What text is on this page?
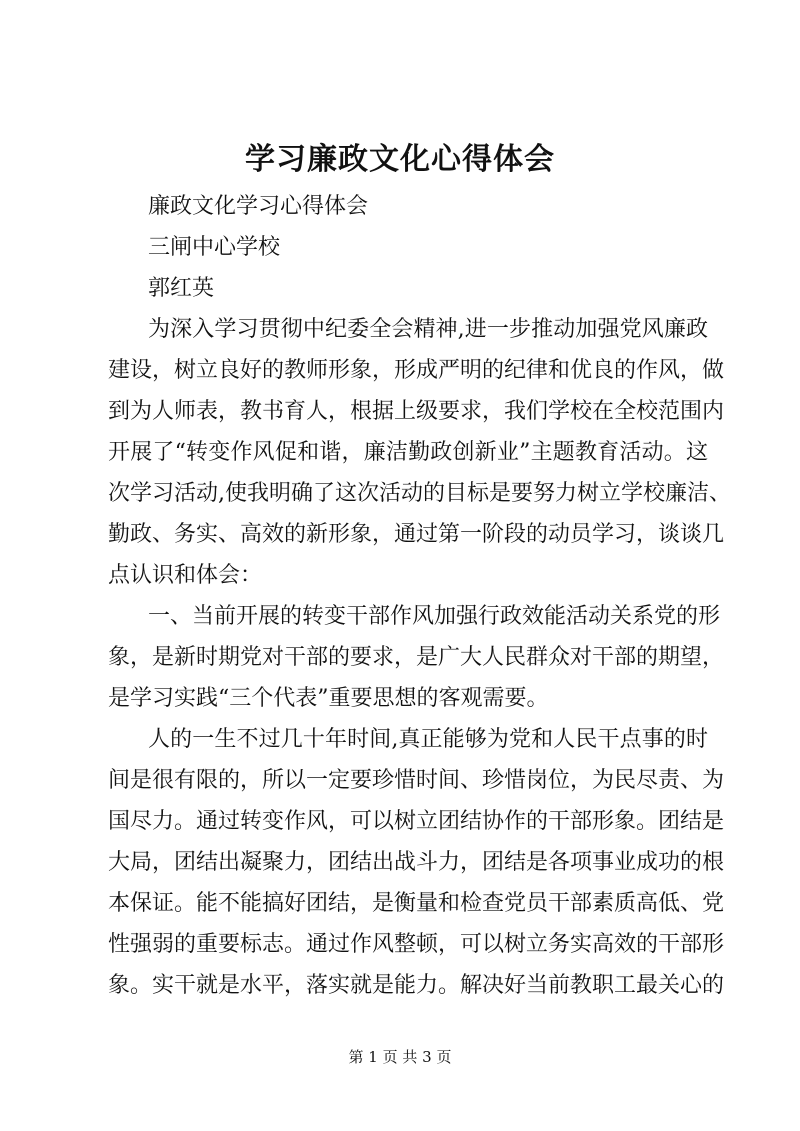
学习廉政文化心得体会
廉政文化学习心得体会
三闸中心学校
郭红英
为深入学习贯彻中纪委全会精神,进一步推动加强党风廉政
建设，树立良好的教师形象，形成严明的纪律和优良的作风，做
到为人师表，教书育人，根据上级要求，我们学校在全校范围内
开展了“转变作风促和谐，廉洁勤政创新业”主题教育活动。这
次学习活动,使我明确了这次活动的目标是要努力树立学校廉洁、
勤政、务实、高效的新形象，通过第一阶段的动员学习，谈谈几
点认识和体会：
一、当前开展的转变干部作风加强行政效能活动关系党的形
象，是新时期党对干部的要求，是广大人民群众对干部的期望，
是学习实践“三个代表”重要思想的客观需要。
人的一生不过几十年时间,真正能够为党和人民干点事的时
间是很有限的，所以一定要珍惜时间、珍惜岗位，为民尽责、为
国尽力。通过转变作风，可以树立团结协作的干部形象。团结是
大局，团结出凝聚力，团结出战斗力，团结是各项事业成功的根
本保证。能不能搞好团结，是衡量和检查党员干部素质高低、党
性强弱的重要标志。通过作风整顿，可以树立务实高效的干部形
象。实干就是水平，落实就是能力。解决好当前教职工最关心的
第 1 页 共 3 页
